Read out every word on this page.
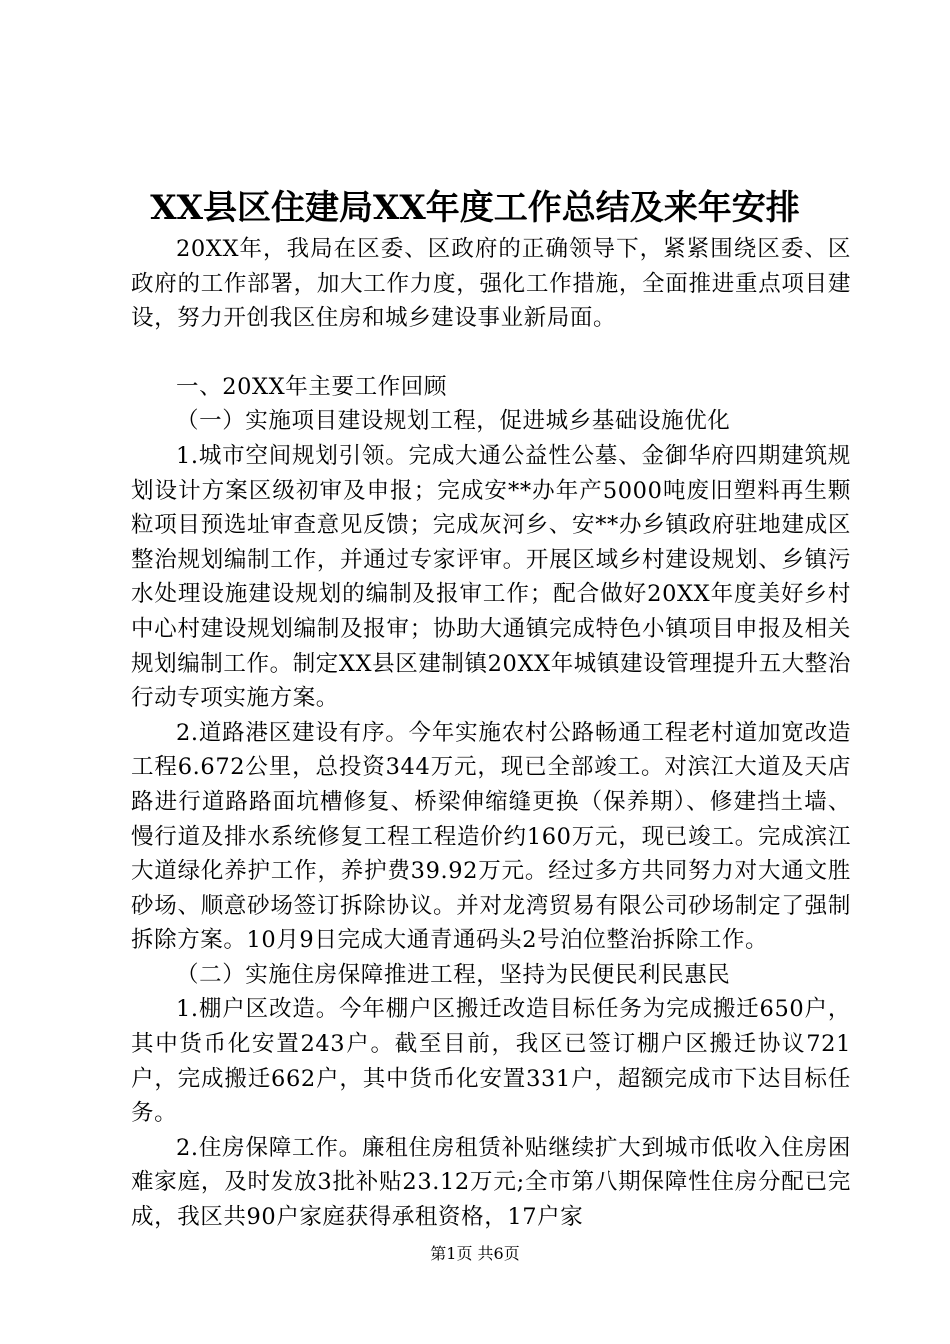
XX县区住建局XX年度工作总结及来年安排

20XX年，我局在区委、区政府的正确领导下，紧紧围绕区委、区政府的工作部署，加大工作力度，强化工作措施，全面推进重点项目建设，努力开创我区住房和城乡建设事业新局面。

一、20XX年主要工作回顾

（一）实施项目建设规划工程，促进城乡基础设施优化

1.城市空间规划引领。完成大通公益性公墓、金御华府四期建筑规划设计方案区级初审及申报；完成安**办年产5000吨废旧塑料再生颗粒项目预选址审查意见反馈；完成灰河乡、安**办乡镇政府驻地建成区整治规划编制工作，并通过专家评审。开展区域乡村建设规划、乡镇污水处理设施建设规划的编制及报审工作；配合做好20XX年度美好乡村中心村建设规划编制及报审；协助大通镇完成特色小镇项目申报及相关规划编制工作。制定XX县区建制镇20XX年城镇建设管理提升五大整治行动专项实施方案。

2.道路港区建设有序。今年实施农村公路畅通工程老村道加宽改造工程6.672公里，总投资344万元，现已全部竣工。对滨江大道及天店路进行道路路面坑槽修复、桥梁伸缩缝更换（保养期）、修建挡土墙、慢行道及排水系统修复工程工程造价约160万元，现已竣工。完成滨江大道绿化养护工作，养护费39.92万元。经过多方共同努力对大通文胜砂场、顺意砂场签订拆除协议。并对龙湾贸易有限公司砂场制定了强制拆除方案。10月9日完成大通青通码头2号泊位整治拆除工作。

（二）实施住房保障推进工程，坚持为民便民利民惠民

1.棚户区改造。今年棚户区搬迁改造目标任务为完成搬迁650户，其中货币化安置243户。截至目前，我区已签订棚户区搬迁协议721户，完成搬迁662户，其中货币化安置331户，超额完成市下达目标任务。

2.住房保障工作。廉租住房租赁补贴继续扩大到城市低收入住房困难家庭，及时发放3批补贴23.12万元;全市第八期保障性住房分配已完成，我区共90户家庭获得承租资格，17户家

第1页 共6页
